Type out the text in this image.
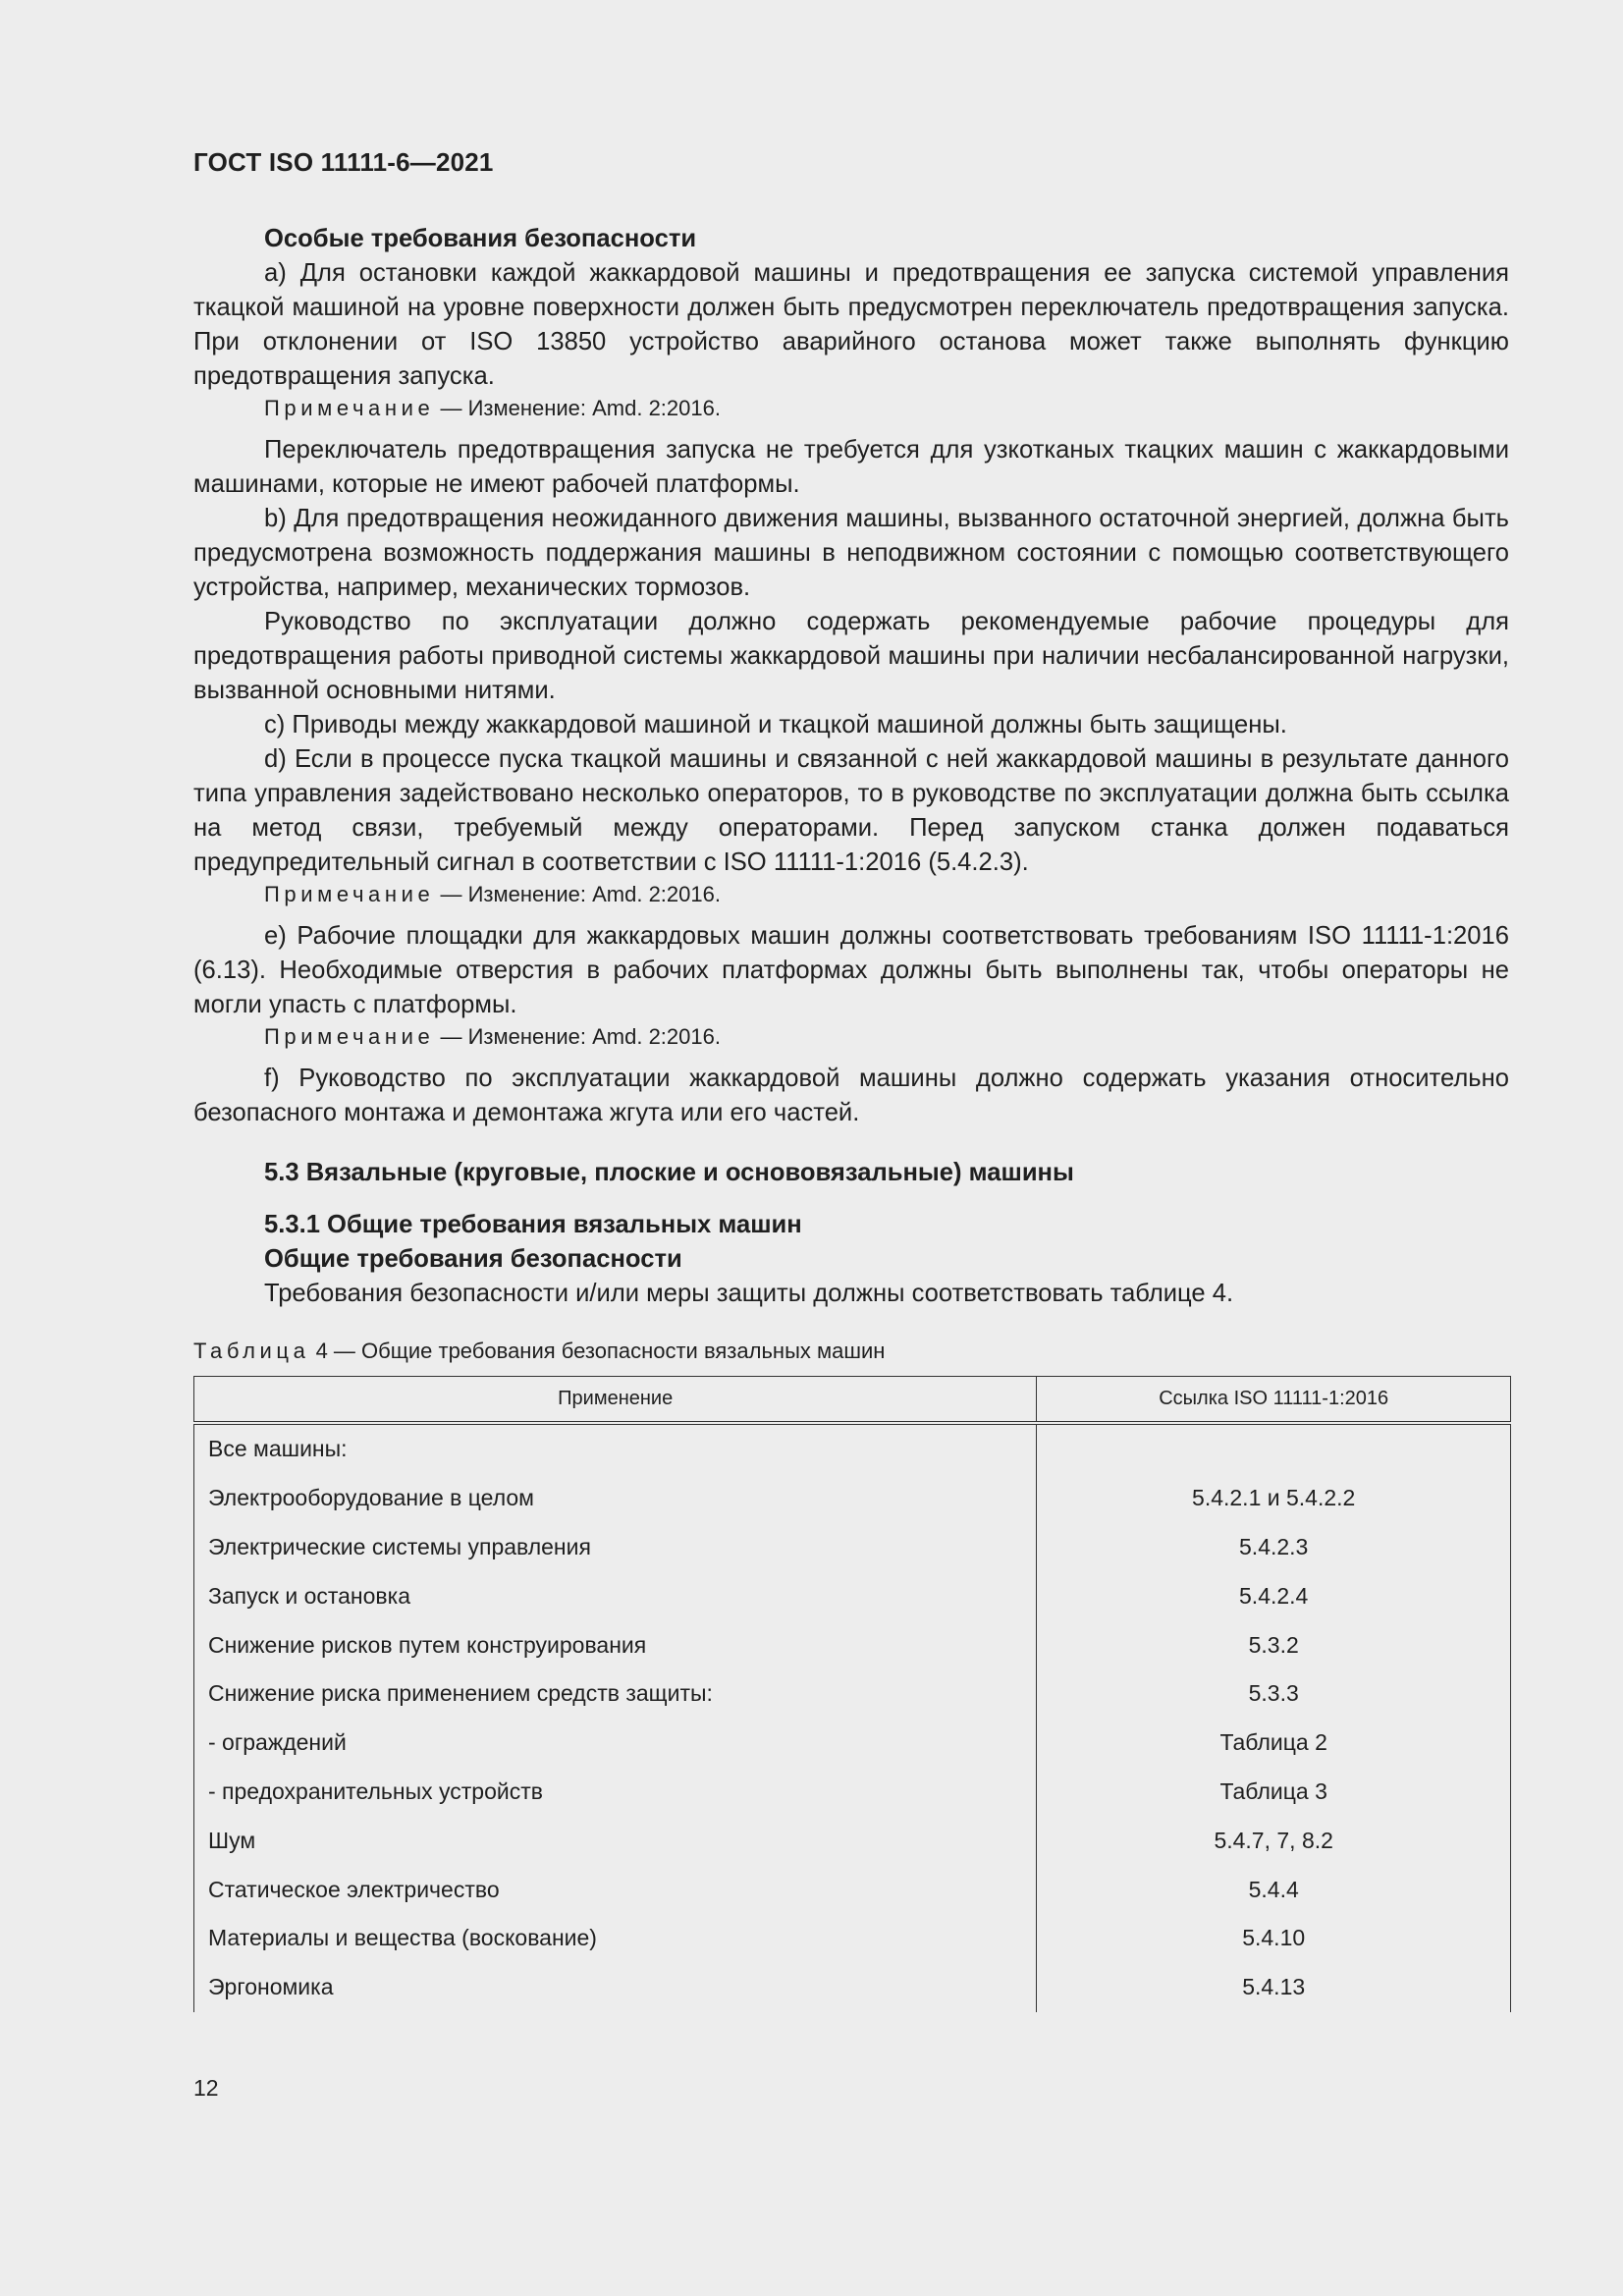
ГОСТ ISO 11111-6—2021

Особые требования безопасности

a) Для остановки каждой жаккардовой машины и предотвращения ее запуска системой управления ткацкой машиной на уровне поверхности должен быть предусмотрен переключатель предотвращения запуска. При отклонении от ISO 13850 устройство аварийного останова может также выполнять функцию предотвращения запуска.

Примечание — Изменение: Amd. 2:2016.

Переключатель предотвращения запуска не требуется для узкотканых ткацких машин с жаккардовыми машинами, которые не имеют рабочей платформы.

b) Для предотвращения неожиданного движения машины, вызванного остаточной энергией, должна быть предусмотрена возможность поддержания машины в неподвижном состоянии с помощью соответствующего устройства, например, механических тормозов.

Руководство по эксплуатации должно содержать рекомендуемые рабочие процедуры для предотвращения работы приводной системы жаккардовой машины при наличии несбалансированной нагрузки, вызванной основными нитями.

c) Приводы между жаккардовой машиной и ткацкой машиной должны быть защищены.

d) Если в процессе пуска ткацкой машины и связанной с ней жаккардовой машины в результате данного типа управления задействовано несколько операторов, то в руководстве по эксплуатации должна быть ссылка на метод связи, требуемый между операторами. Перед запуском станка должен подаваться предупредительный сигнал в соответствии с ISO 11111-1:2016 (5.4.2.3).

Примечание — Изменение: Amd. 2:2016.

e) Рабочие площадки для жаккардовых машин должны соответствовать требованиям ISO 11111-1:2016 (6.13). Необходимые отверстия в рабочих платформах должны быть выполнены так, чтобы операторы не могли упасть с платформы.

Примечание — Изменение: Amd. 2:2016.

f) Руководство по эксплуатации жаккардовой машины должно содержать указания относительно безопасного монтажа и демонтажа жгута или его частей.

5.3 Вязальные (круговые, плоские и основовязальные) машины

5.3.1 Общие требования вязальных машин

Общие требования безопасности

Требования безопасности и/или меры защиты должны соответствовать таблице 4.

Таблица 4 — Общие требования безопасности вязальных машин

Применение	Ссылка ISO 11111-1:2016
Все машины:	
Электрооборудование в целом	5.4.2.1 и 5.4.2.2
Электрические системы управления	5.4.2.3
Запуск и остановка	5.4.2.4
Снижение рисков путем конструирования	5.3.2
Снижение риска применением средств защиты:	5.3.3
- ограждений	Таблица 2
- предохранительных устройств	Таблица 3
Шум	5.4.7, 7, 8.2
Статическое электричество	5.4.4
Материалы и вещества (воскование)	5.4.10
Эргономика	5.4.13
12
